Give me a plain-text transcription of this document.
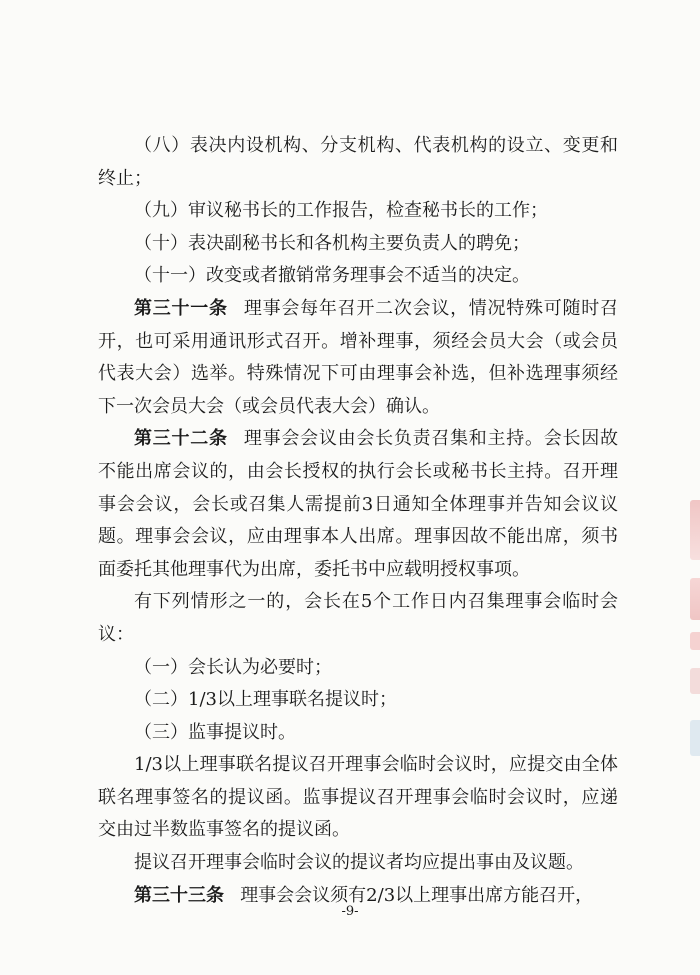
（八）表决内设机构、分支机构、代表机构的设立、变更和终止；

（九）审议秘书长的工作报告，检查秘书长的工作；

（十）表决副秘书长和各机构主要负责人的聘免；

（十一）改变或者撤销常务理事会不适当的决定。

第三十一条 理事会每年召开二次会议，情况特殊可随时召开，也可采用通讯形式召开。增补理事，须经会员大会（或会员代表大会）选举。特殊情况下可由理事会补选，但补选理事须经下一次会员大会（或会员代表大会）确认。

第三十二条 理事会会议由会长负责召集和主持。会长因故不能出席会议的，由会长授权的执行会长或秘书长主持。召开理事会会议，会长或召集人需提前3日通知全体理事并告知会议议题。理事会会议，应由理事本人出席。理事因故不能出席，须书面委托其他理事代为出席，委托书中应载明授权事项。

有下列情形之一的，会长在5个工作日内召集理事会临时会议：

（一）会长认为必要时；

（二）1/3以上理事联名提议时；

（三）监事提议时。

1/3以上理事联名提议召开理事会临时会议时，应提交由全体联名理事签名的提议函。监事提议召开理事会临时会议时，应递交由过半数监事签名的提议函。

提议召开理事会临时会议的提议者均应提出事由及议题。

第三十三条 理事会会议须有2/3以上理事出席方能召开，

-9-
